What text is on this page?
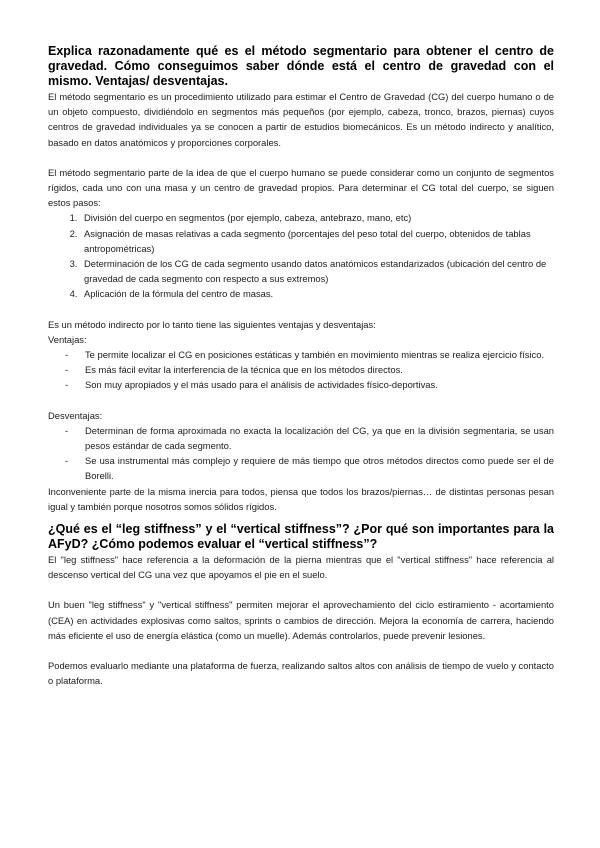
Explica razonadamente qué es el método segmentario para obtener el centro de gravedad. Cómo conseguimos saber dónde está el centro de gravedad con el mismo. Ventajas/ desventajas.

El método segmentario es un procedimiento utilizado para estimar el Centro de Gravedad (CG) del cuerpo humano o de un objeto compuesto, dividiéndolo en segmentos más pequeños (por ejemplo, cabeza, tronco, brazos, piernas) cuyos centros de gravedad individuales ya se conocen a partir de estudios biomecánicos. Es un método indirecto y analítico, basado en datos anatómicos y proporciones corporales.

El método segmentario parte de la idea de que el cuerpo humano se puede considerar como un conjunto de segmentos rígidos, cada uno con una masa y un centro de gravedad propios. Para determinar el CG total del cuerpo, se siguen estos pasos:

1. División del cuerpo en segmentos (por ejemplo, cabeza, antebrazo, mano, etc)
2. Asignación de masas relativas a cada segmento (porcentajes del peso total del cuerpo, obtenidos de tablas antropométricas)
3. Determinación de los CG de cada segmento usando datos anatómicos estandarizados (ubicación del centro de gravedad de cada segmento con respecto a sus extremos)
4. Aplicación de la fórmula del centro de masas.

Es un método indirecto por lo tanto tiene las siguientes ventajas y desventajas:

Ventajas:

- Te permite localizar el CG en posiciones estáticas y también en movimiento mientras se realiza ejercicio físico.
- Es más fácil evitar la interferencia de la técnica que en los métodos directos.
- Son muy apropiados y el más usado para el análisis de actividades físico-deportivas.

Desventajas:

- Determinan de forma aproximada no exacta la localización del CG, ya que en la división segmentaria, se usan pesos estándar de cada segmento.
- Se usa instrumental más complejo y requiere de más tiempo que otros métodos directos como puede ser el de Borelli.

Inconveniente parte de la misma inercia para todos, piensa que todos los brazos/piernas… de distintas personas pesan igual y también porque nosotros somos sólidos rígidos.

¿Qué es el “leg stiffness” y el “vertical stiffness”? ¿Por qué son importantes para la AFyD? ¿Cómo podemos evaluar el “vertical stiffness”?

El "leg stiffness" hace referencia a la deformación de la pierna mientras que el "vertical stiffness" hace referencia al descenso vertical del CG una vez que apoyamos el pie en el suelo.

Un buen "leg stiffness" y "vertical stiffness" permiten mejorar el aprovechamiento del ciclo estiramiento - acortamiento (CEA) en actividades explosivas como saltos, sprints o cambios de dirección. Mejora la economía de carrera, haciendo más eficiente el uso de energía elástica (como un muelle). Además controlarlos, puede prevenir lesiones.

Podemos evaluarlo mediante una plataforma de fuerza, realizando saltos altos con análisis de tiempo de vuelo y contacto o plataforma.
